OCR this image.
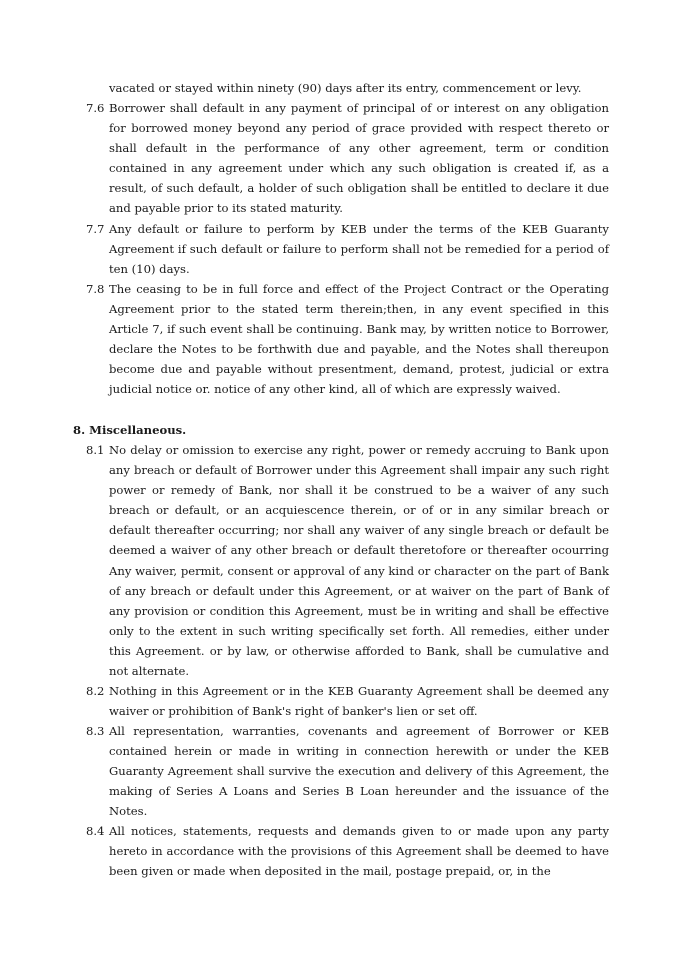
vacated or stayed within ninety (90) days after its entry, commencement or levy.
7.6 Borrower shall default in any payment of principal of or interest on any obligation for borrowed money beyond any period of grace provided with respect thereto or shall default in the performance of any other agreement, term or condition contained in any agreement under which any such obligation is created if, as a result, of such default, a holder of such obligation shall be entitled to declare it due and payable prior to its stated maturity.
7.7 Any default or failure to perform by KEB under the terms of the KEB Guaranty Agreement if such default or failure to perform shall not be remedied for a period of ten (10) days.
7.8 The ceasing to be in full force and effect of the Project Contract or the Operating Agreement prior to the stated term therein;then, in any event specified in this Article 7, if such event shall be continuing. Bank may, by written notice to Borrower, declare the Notes to be forthwith due and payable, and the Notes shall thereupon become due and payable without presentment, demand, protest, judicial or extra judicial notice or. notice of any other kind, all of which are expressly waived.
8. Miscellaneous.
8.1 No delay or omission to exercise any right, power or remedy accruing to Bank upon any breach or default of Borrower under this Agreement shall impair any such right power or remedy of Bank, nor shall it be construed to be a waiver of any such breach or default, or an acquiescence therein, or of or in any similar breach or default thereafter occurring; nor shall any waiver of any single breach or default be deemed a waiver of any other breach or default theretofore or thereafter ocourring Any waiver, permit, consent or approval of any kind or character on the part of Bank of any breach or default under this Agreement, or at waiver on the part of Bank of any provision or condition this Agreement, must be in writing and shall be effective only to the extent in such writing specifically set forth. All remedies, either under this Agreement. or by law, or otherwise afforded to Bank, shall be cumulative and not alternate.
8.2 Nothing in this Agreement or in the KEB Guaranty Agreement shall be deemed any waiver or prohibition of Bank's right of banker's lien or set off.
8.3 All representation, warranties, covenants and agreement of Borrower or KEB contained herein or made in writing in connection herewith or under the KEB Guaranty Agreement shall survive the execution and delivery of this Agreement, the making of Series A Loans and Series B Loan hereunder and the issuance of the Notes.
8.4 All notices, statements, requests and demands given to or made upon any party hereto in accordance with the provisions of this Agreement shall be deemed to have been given or made when deposited in the mail, postage prepaid, or, in the
